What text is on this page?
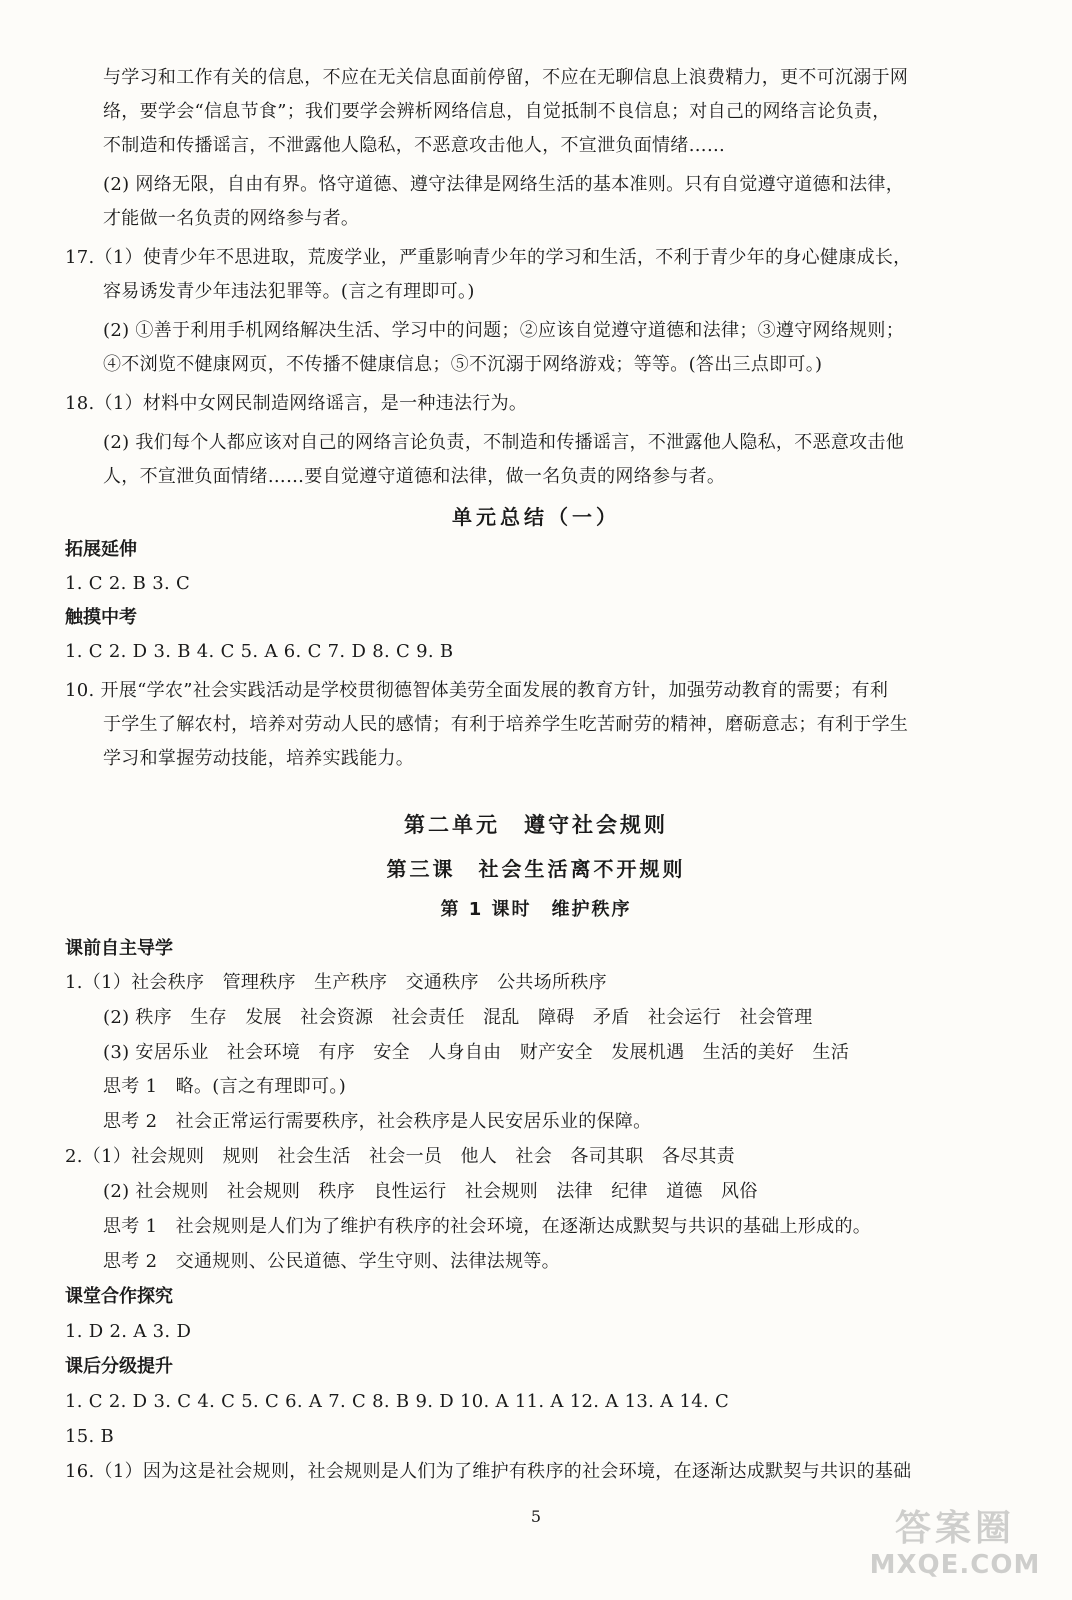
与学习和工作有关的信息，不应在无关信息面前停留，不应在无聊信息上浪费精力，更不可沉溺于网
络，要学会“信息节食”；我们要学会辨析网络信息，自觉抵制不良信息；对自己的网络言论负责，
不制造和传播谣言，不泄露他人隐私，不恶意攻击他人，不宣泄负面情绪……
(2) 网络无限，自由有界。恪守道德、遵守法律是网络生活的基本准则。只有自觉遵守道德和法律，
才能做一名负责的网络参与者。
17.（1）使青少年不思进取，荒废学业，严重影响青少年的学习和生活，不利于青少年的身心健康成长，
容易诱发青少年违法犯罪等。(言之有理即可。)
(2) ①善于利用手机网络解决生活、学习中的问题；②应该自觉遵守道德和法律；③遵守网络规则；
④不浏览不健康网页，不传播不健康信息；⑤不沉溺于网络游戏；等等。(答出三点即可。)
18.（1）材料中女网民制造网络谣言，是一种违法行为。
(2) 我们每个人都应该对自己的网络言论负责，不制造和传播谣言，不泄露他人隐私，不恶意攻击他
人，不宣泄负面情绪……要自觉遵守道德和法律，做一名负责的网络参与者。
单元总结（一）
拓展延伸
1. C 2. B 3. C
触摸中考
1. C 2. D 3. B 4. C 5. A 6. C 7. D 8. C 9. B
10. 开展“学农”社会实践活动是学校贯彻德智体美劳全面发展的教育方针，加强劳动教育的需要；有利
于学生了解农村，培养对劳动人民的感情；有利于培养学生吃苦耐劳的精神，磨砺意志；有利于学生
学习和掌握劳动技能，培养实践能力。
第二单元　遵守社会规则
第三课　社会生活离不开规则
第 1 课时　维护秩序
课前自主导学
1.（1）社会秩序　管理秩序　生产秩序　交通秩序　公共场所秩序
(2) 秩序　生存　发展　社会资源　社会责任　混乱　障碍　矛盾　社会运行　社会管理
(3) 安居乐业　社会环境　有序　安全　人身自由　财产安全　发展机遇　生活的美好　生活
思考 1　略。(言之有理即可。)
思考 2　社会正常运行需要秩序，社会秩序是人民安居乐业的保障。
2.（1）社会规则　规则　社会生活　社会一员　他人　社会　各司其职　各尽其责
(2) 社会规则　社会规则　秩序　良性运行　社会规则　法律　纪律　道德　风俗
思考 1　社会规则是人们为了维护有秩序的社会环境，在逐渐达成默契与共识的基础上形成的。
思考 2　交通规则、公民道德、学生守则、法律法规等。
课堂合作探究
1. D 2. A 3. D
课后分级提升
1. C 2. D 3. C 4. C 5. C 6. A 7. C 8. B 9. D 10. A 11. A 12. A 13. A 14. C
15. B
16.（1）因为这是社会规则，社会规则是人们为了维护有秩序的社会环境，在逐渐达成默契与共识的基础
5	答案圈
MXQE.COM
